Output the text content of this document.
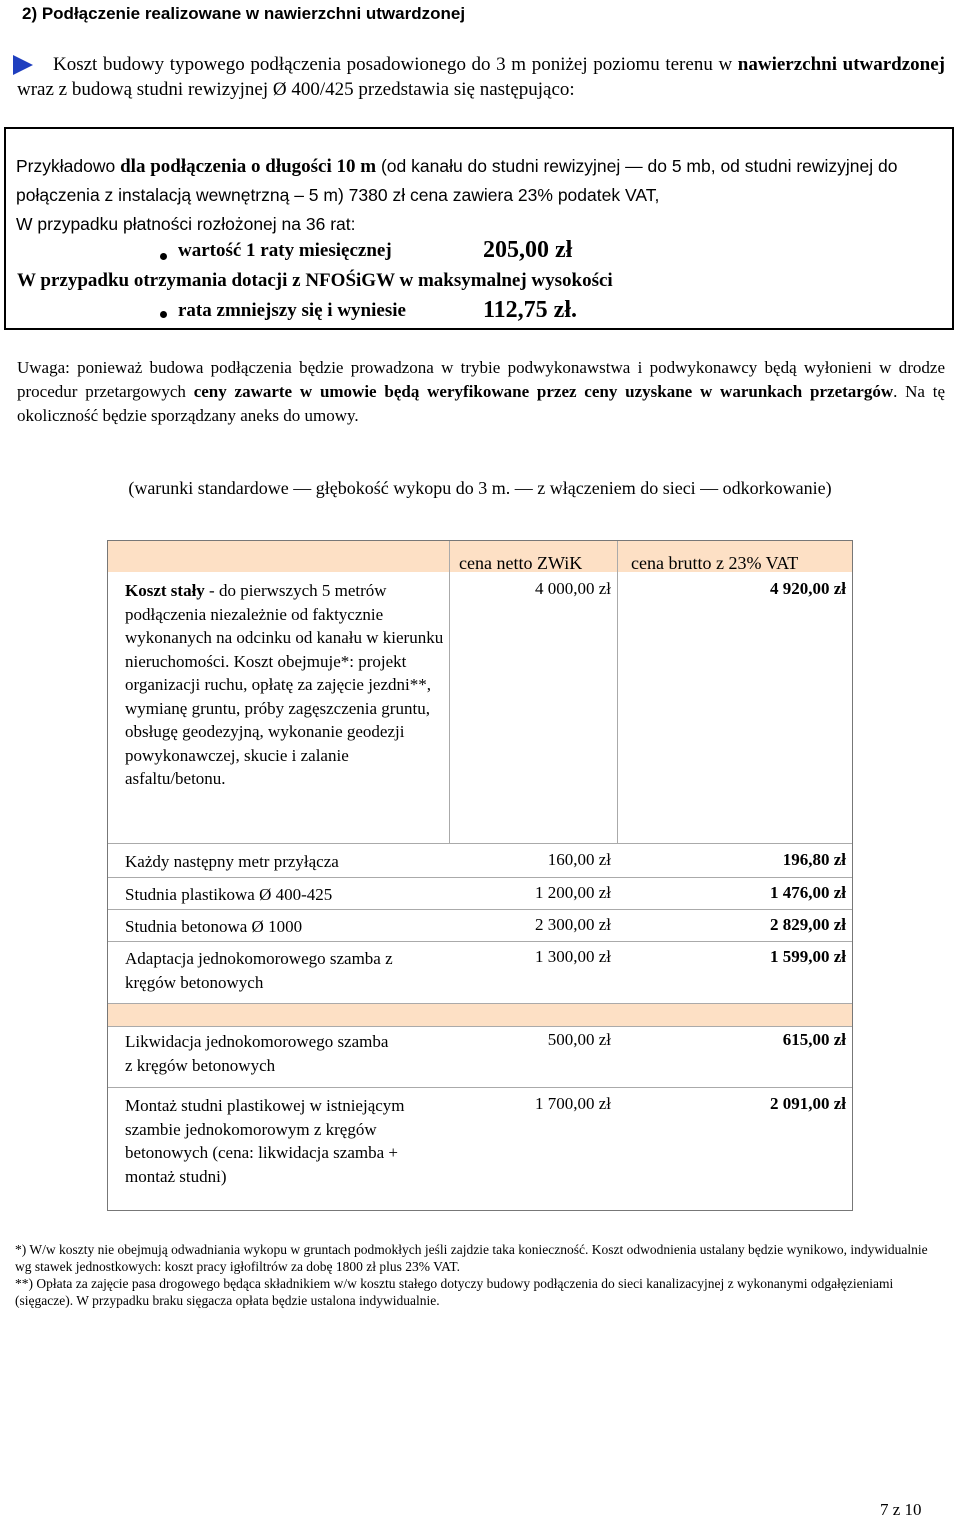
2) Podłączenie realizowane w nawierzchni utwardzonej
Koszt budowy typowego podłączenia posadowionego do 3 m poniżej poziomu terenu w nawierzchni utwardzonej wraz z budową studni rewizyjnej Ø 400/425 przedstawia się następująco:
Przykładowo dla podłączenia o długości 10 m (od kanału do studni rewizyjnej — do 5 mb, od studni rewizyjnej do połączenia z instalacją wewnętrzną – 5 m) 7380 zł cena zawiera 23% podatek VAT,
W przypadku płatności rozłożonej na 36 rat:
wartość 1 raty miesięcznej	205,00 zł
W przypadku otrzymania dotacji z NFOŚiGW w maksymalnej wysokości
rata zmniejszy się i wyniesie	112,75 zł.
Uwaga: ponieważ budowa podłączenia będzie prowadzona w trybie podwykonawstwa i podwykonawcy będą wyłonieni w drodze procedur przetargowych ceny zawarte w umowie będą weryfikowane przez ceny uzyskane w warunkach przetargów. Na tę okoliczność będzie sporządzany aneks do umowy.
(warunki standardowe — głębokość wykopu do 3 m. — z włączeniem do sieci — odkorkowanie)
cena netto ZWiK	cena brutto z 23% VAT
Koszt stały - do pierwszych 5 metrów podłączenia niezależnie od faktycznie wykonanych na odcinku od kanału w kierunku nieruchomości. Koszt obejmuje*: projekt organizacji ruchu, opłatę za zajęcie jezdni**, wymianę gruntu, próby zagęszczenia gruntu, obsługę geodezyjną, wykonanie geodezji powykonawczej, skucie i zalanie asfaltu/betonu.
4 000,00 zł	4 920,00 zł
Każdy następny metr przyłącza	160,00 zł	196,80 zł
Studnia plastikowa Ø 400-425	1 200,00 zł	1 476,00 zł
Studnia betonowa Ø 1000	2 300,00 zł	2 829,00 zł
Adaptacja jednokomorowego szamba z kręgów betonowych
1 300,00 zł	1 599,00 zł
Likwidacja jednokomorowego szamba z kręgów betonowych
500,00 zł	615,00 zł
Montaż studni plastikowej w istniejącym szambie jednokomorowym z kręgów betonowych (cena: likwidacja szamba + montaż studni)
1 700,00 zł	2 091,00 zł
*) W/w koszty nie obejmują odwadniania wykopu w gruntach podmokłych jeśli zajdzie taka konieczność. Koszt odwodnienia ustalany będzie wynikowo, indywidualnie wg stawek jednostkowych: koszt pracy igłofiltrów za dobę 1800 zł plus 23% VAT.
**) Opłata za zajęcie pasa drogowego będąca składnikiem w/w kosztu stałego dotyczy budowy podłączenia do sieci kanalizacyjnej z wykonanymi odgałęzieniami (sięgacze). W przypadku braku sięgacza opłata będzie ustalona indywidualnie.
7 z 10
